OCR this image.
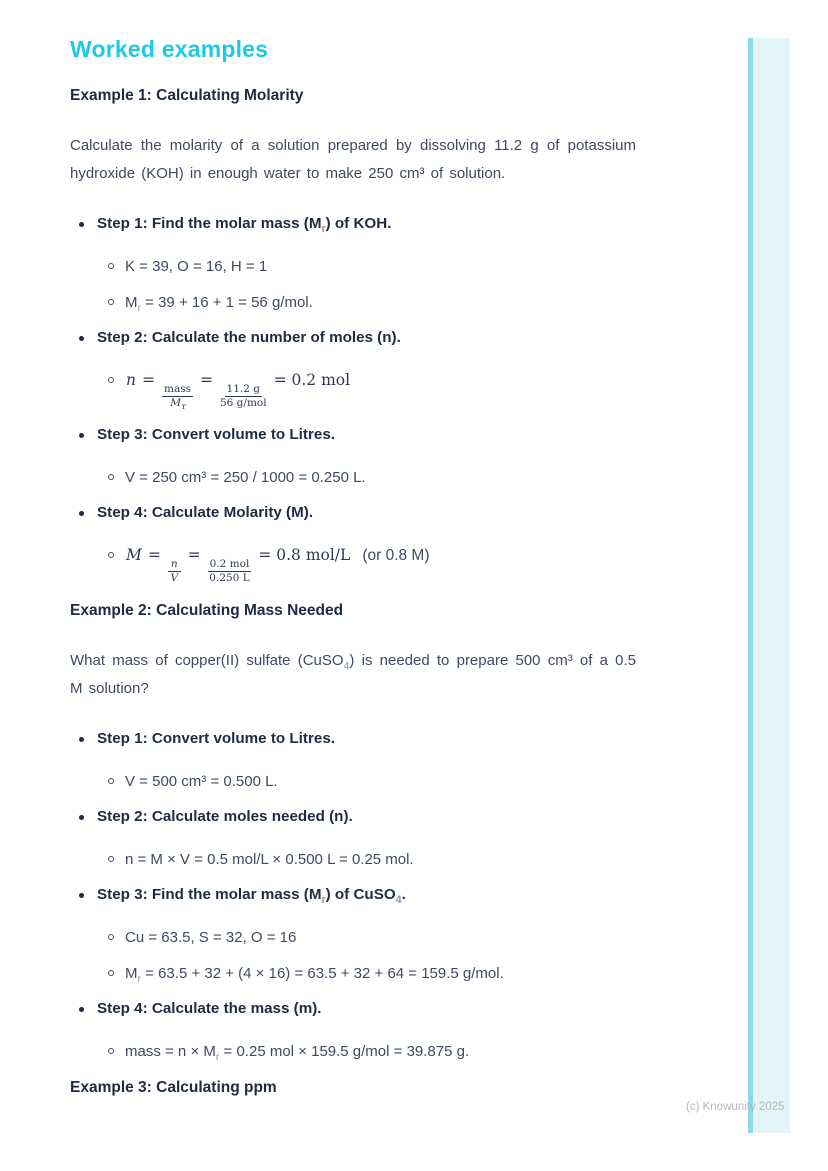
Worked examples
Example 1: Calculating Molarity

Calculate the molarity of a solution prepared by dissolving 11.2 g of potassium hydroxide (KOH) in enough water to make 250 cm³ of solution.

Step 1: Find the molar mass $(M_r)$ of KOH.
K = 39, O = 16, H = 1
$M_r = 39 + 16 + 1 = 56$ g/mol.
Step 2: Calculate the number of moles (n).
n =
$\frac{\text{mass}}{M_r}$
=
$\frac{11.2 g}{\text{56 g/mol}}$
= 0.2 mol
Step 3: Convert volume to Litres.
V = 250 cm³ = 250 / 1000 = 0.250 L.
Step 4: Calculate Molarity (M).
M =
$\frac{n}{V}$
=
$\frac{\text{0.2 mol}}{0.250 L}$
= 0.8 mol/L (or 0.8 M)
Example 2: Calculating Mass Needed

What mass of copper(II) sulfate (CuSO$_4$) is needed to prepare 500 cm³ of a 0.5 M solution?

Step 1: Convert volume to Litres.
V = 500 cm³ = 0.500 L.
Step 2: Calculate moles needed (n).
n = M × V = 0.5 mol/L × 0.500 L = 0.25 mol.
Step 3: Find the molar mass $(M_r)$ of CuSO$_4$.
Cu = 63.5, S = 32, O = 16
$M_r = 63.5 + 32 + (4 \times 16) = 63.5 + 32 + 64 = 159.5$ g/mol.
Step 4: Calculate the mass (m).
mass = $n \times M_r = 0.25$ mol × 159.5 g/mol = 39.875 g.
Example 3: Calculating ppm
(c) Knowunity 2025
